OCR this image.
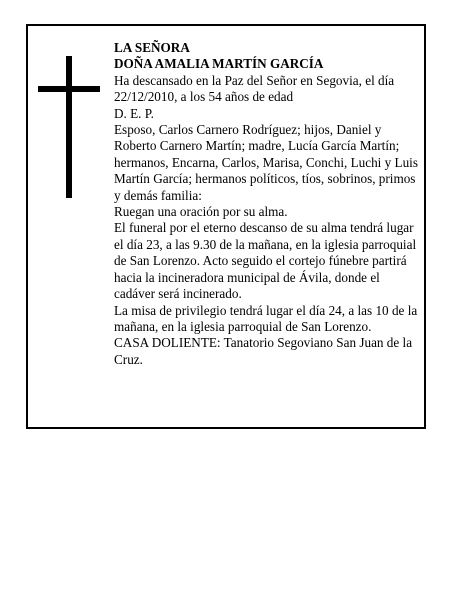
LA SEÑORA

DOÑA AMALIA MARTÍN GARCÍA

Ha descansado en la Paz del Señor en Segovia, el día 22/12/2010, a los 54 años de edad

D. E. P.

Esposo, Carlos Carnero Rodríguez; hijos, Daniel y Roberto Carnero Martín; madre, Lucía García Martín; hermanos, Encarna, Carlos, Marisa, Conchi, Luchi y Luis Martín García; hermanos políticos, tíos, sobrinos, primos y demás familia:

Ruegan una oración por su alma.

El funeral por el eterno descanso de su alma tendrá lugar el día 23, a las 9.30 de la mañana, en la iglesia parroquial de San Lorenzo. Acto seguido el cortejo fúnebre partirá hacia la incineradora municipal de Ávila, donde el cadáver será incinerado.

La misa de privilegio tendrá lugar el día 24, a las 10 de la mañana, en la iglesia parroquial de San Lorenzo.

CASA DOLIENTE: Tanatorio Segoviano San Juan de la Cruz.
